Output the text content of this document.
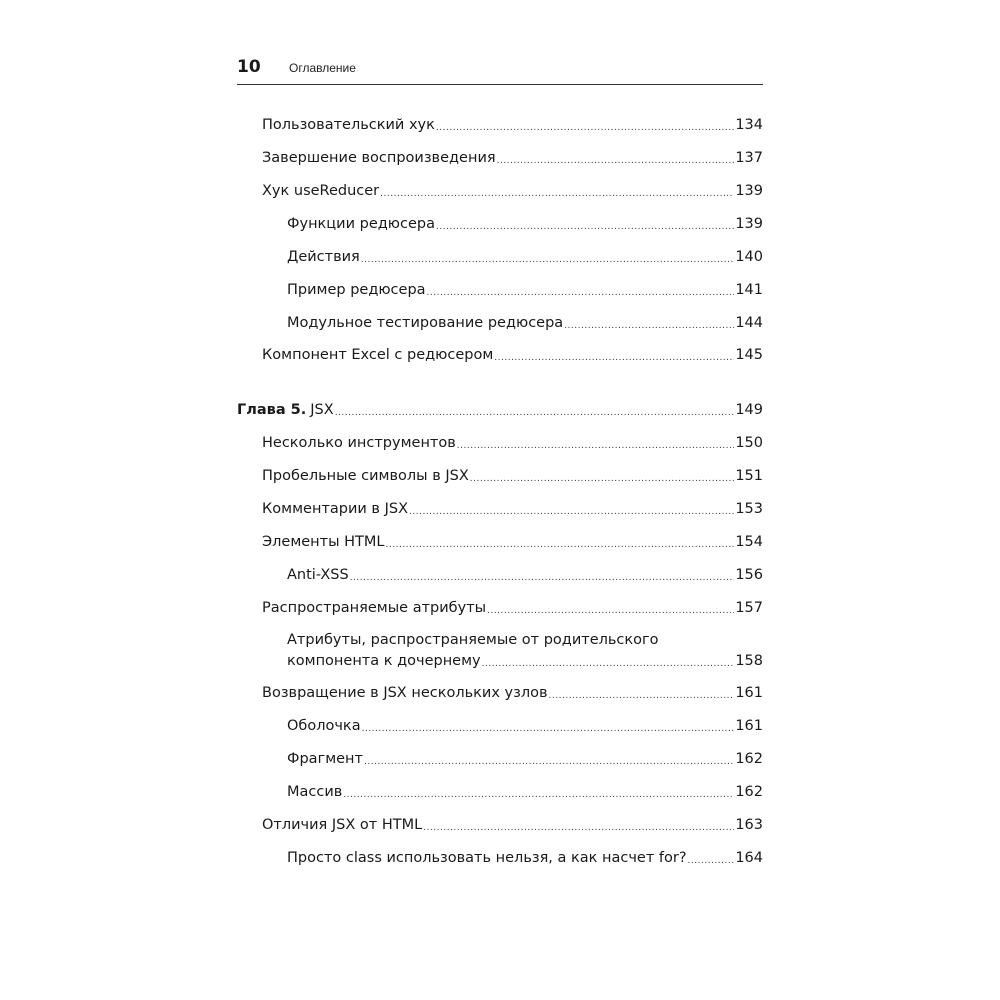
10 Оглавление
Пользовательский хук .....	134
Завершение воспроизведения .....	137
Хук useReducer .....	139
Функции редюсера .....	139
Действия .....	140
Пример редюсера .....	141
Модульное тестирование редюсера .....	144
Компонент Excel с редюсером .....	145
Глава 5. JSX .....	149
Несколько инструментов .....	150
Пробельные символы в JSX .....	151
Комментарии в JSX .....	153
Элементы HTML .....	154
Anti-XSS .....	156
Распространяемые атрибуты .....	157
Атрибуты, распространяемые от родительского
компонента к дочернему .....	158
Возвращение в JSX нескольких узлов .....	161
Оболочка .....	161
Фрагмент .....	162
Массив .....	162
Отличия JSX от HTML .....	163
Просто class использовать нельзя, а как насчет for? .....	164
